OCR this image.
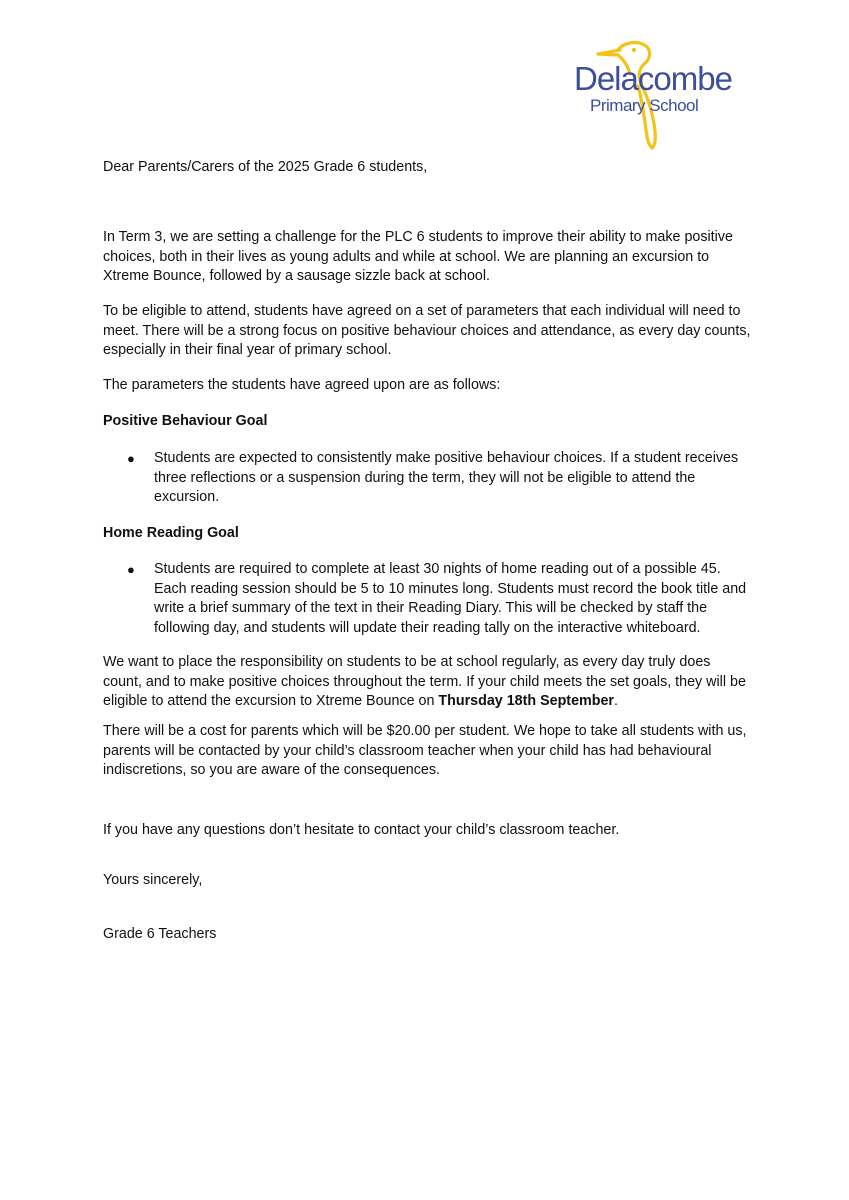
Delacombe
Primary School

Dear Parents/Carers of the 2025 Grade 6 students,

In Term 3, we are setting a challenge for the PLC 6 students to improve their ability to make positive choices, both in their lives as young adults and while at school. We are planning an excursion to Xtreme Bounce, followed by a sausage sizzle back at school.

To be eligible to attend, students have agreed on a set of parameters that each individual will need to meet. There will be a strong focus on positive behaviour choices and attendance, as every day counts, especially in their final year of primary school.

The parameters the students have agreed upon are as follows:

Positive Behaviour Goal

● Students are expected to consistently make positive behaviour choices. If a student receives three reflections or a suspension during the term, they will not be eligible to attend the excursion.

Home Reading Goal

● Students are required to complete at least 30 nights of home reading out of a possible 45. Each reading session should be 5 to 10 minutes long. Students must record the book title and write a brief summary of the text in their Reading Diary. This will be checked by staff the following day, and students will update their reading tally on the interactive whiteboard.

We want to place the responsibility on students to be at school regularly, as every day truly does count, and to make positive choices throughout the term. If your child meets the set goals, they will be eligible to attend the excursion to Xtreme Bounce on Thursday 18th September.

There will be a cost for parents which will be $20.00 per student. We hope to take all students with us, parents will be contacted by your child’s classroom teacher when your child has had behavioural indiscretions, so you are aware of the consequences.

If you have any questions don’t hesitate to contact your child’s classroom teacher.

Yours sincerely,

Grade 6 Teachers
